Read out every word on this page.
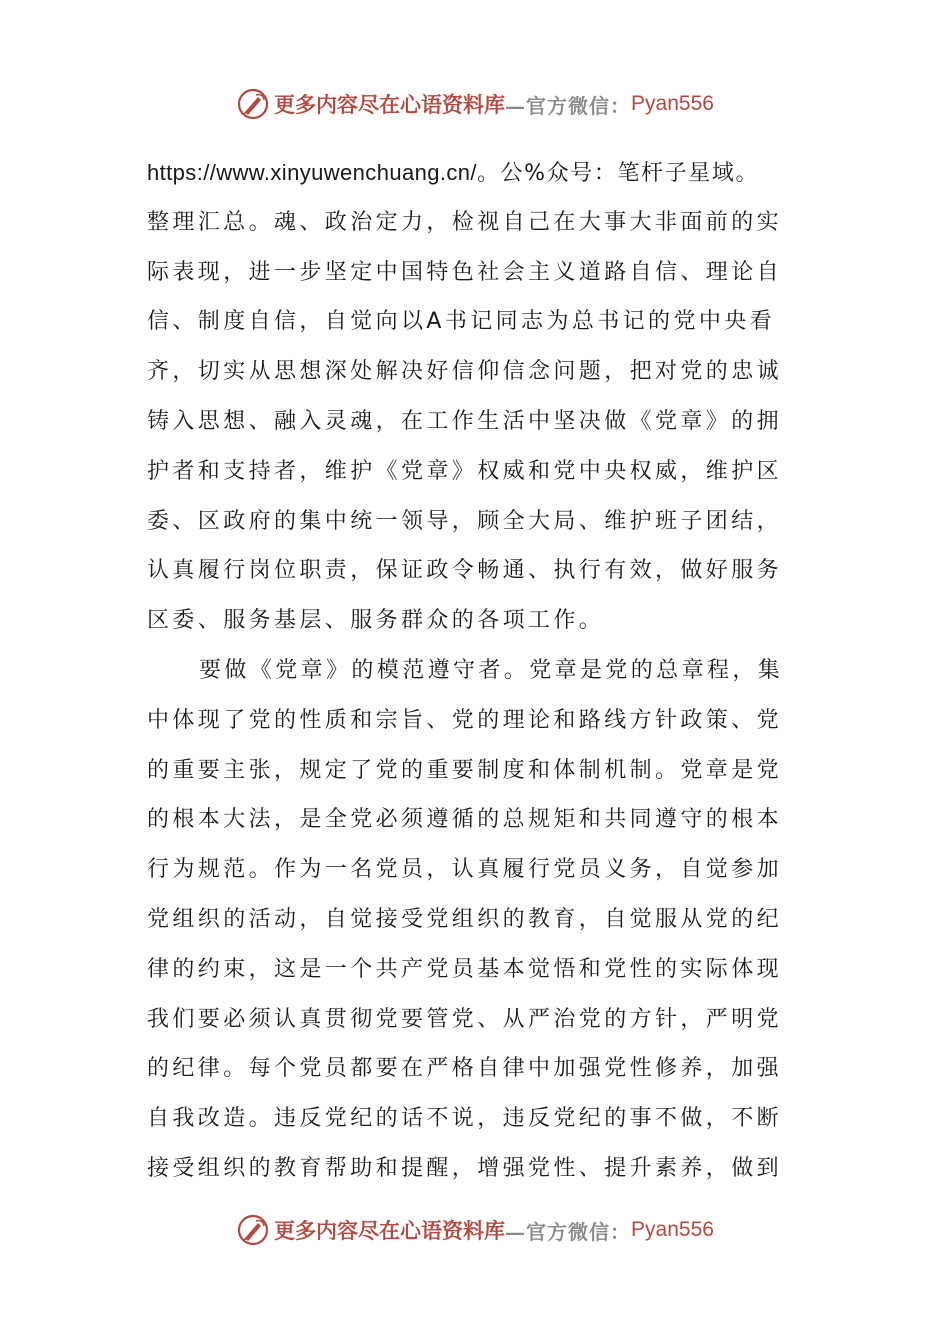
更多内容尽在心语资料库 —官方微信： Pyan556
https://www.xinyuwenchuang.cn/。公%众号：笔杆子星域。
整理汇总。魂、政治定力，检视自己在大事大非面前的实
际表现，进一步坚定中国特色社会主义道路自信、理论自
信、制度自信，自觉向以A书记同志为总书记的党中央看
齐，切实从思想深处解决好信仰信念问题，把对党的忠诚
铸入思想、融入灵魂，在工作生活中坚决做《党章》的拥
护者和支持者，维护《党章》权威和党中央权威，维护区
委、区政府的集中统一领导，顾全大局、维护班子团结，
认真履行岗位职责，保证政令畅通、执行有效，做好服务
区委、服务基层、服务群众的各项工作。
要做《党章》的模范遵守者。党章是党的总章程，集
中体现了党的性质和宗旨、党的理论和路线方针政策、党
的重要主张，规定了党的重要制度和体制机制。党章是党
的根本大法，是全党必须遵循的总规矩和共同遵守的根本
行为规范。作为一名党员，认真履行党员义务，自觉参加
党组织的活动，自觉接受党组织的教育，自觉服从党的纪
律的约束，这是一个共产党员基本觉悟和党性的实际体现
我们要必须认真贯彻党要管党、从严治党的方针，严明党
的纪律。每个党员都要在严格自律中加强党性修养，加强
自我改造。违反党纪的话不说，违反党纪的事不做，不断
接受组织的教育帮助和提醒，增强党性、提升素养，做到
更多内容尽在心语资料库 —官方微信： Pyan556
